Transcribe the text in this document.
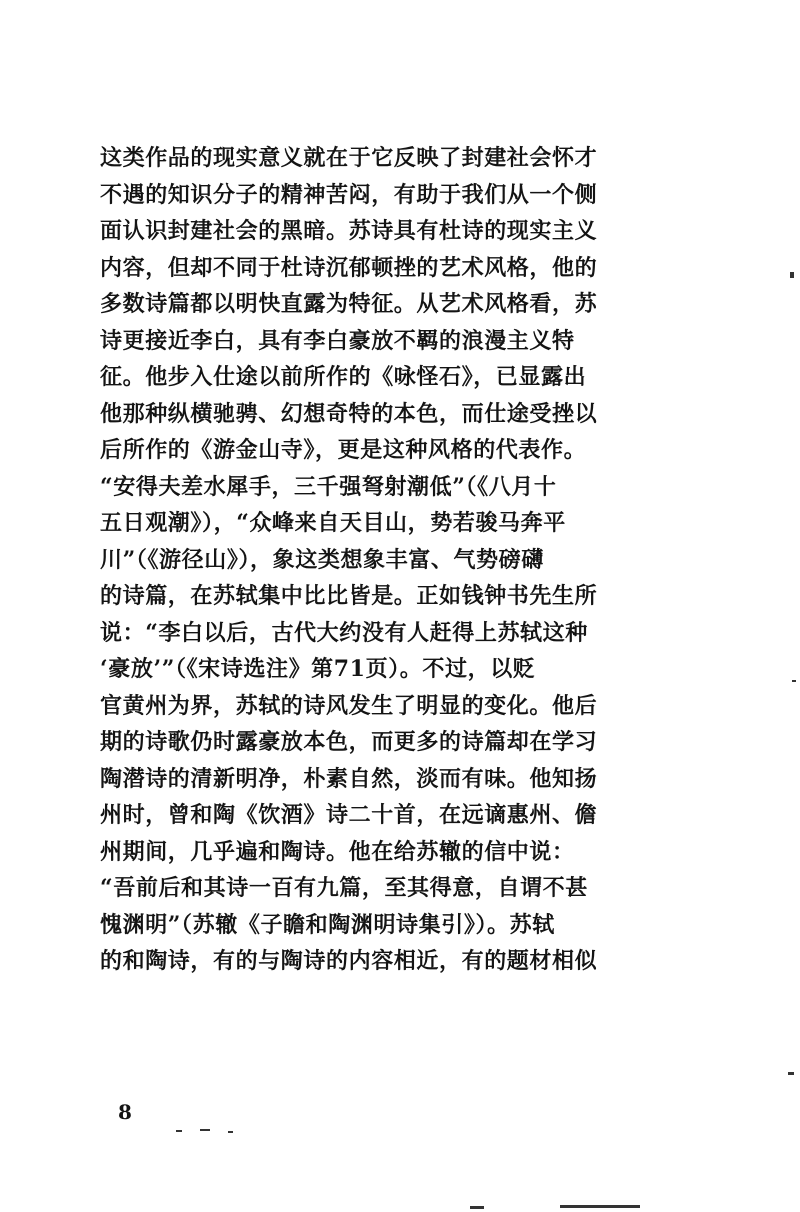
这类作品的现实意义就在于它反映了封建社会怀才
不遇的知识分子的精神苦闷，有助于我们从一个侧
面认识封建社会的黑暗。苏诗具有杜诗的现实主义
内容，但却不同于杜诗沉郁顿挫的艺术风格，他的
多数诗篇都以明快直露为特征。从艺术风格看，苏
诗更接近李白，具有李白豪放不羁的浪漫主义特
征。他步入仕途以前所作的《咏怪石》，已显露出
他那种纵横驰骋、幻想奇特的本色，而仕途受挫以
后所作的《游金山寺》，更是这种风格的代表作。
“安得夫差水犀手，三千强弩射潮低”（《八月十
五日观潮》），“众峰来自天目山，势若骏马奔平
川”（《游径山》），象这类想象丰富、气势磅礴
的诗篇，在苏轼集中比比皆是。正如钱钟书先生所
说：“李白以后，古代大约没有人赶得上苏轼这种
‘豪放’”（《宋诗选注》第71页）。不过，以贬
官黄州为界，苏轼的诗风发生了明显的变化。他后
期的诗歌仍时露豪放本色，而更多的诗篇却在学习
陶潜诗的清新明净，朴素自然，淡而有味。他知扬
州时，曾和陶《饮酒》诗二十首，在远谪惠州、儋
州期间，几乎遍和陶诗。他在给苏辙的信中说：
“吾前后和其诗一百有九篇，至其得意，自谓不甚
愧渊明”（苏辙《子瞻和陶渊明诗集引》）。苏轼
的和陶诗，有的与陶诗的内容相近，有的题材相似
8
